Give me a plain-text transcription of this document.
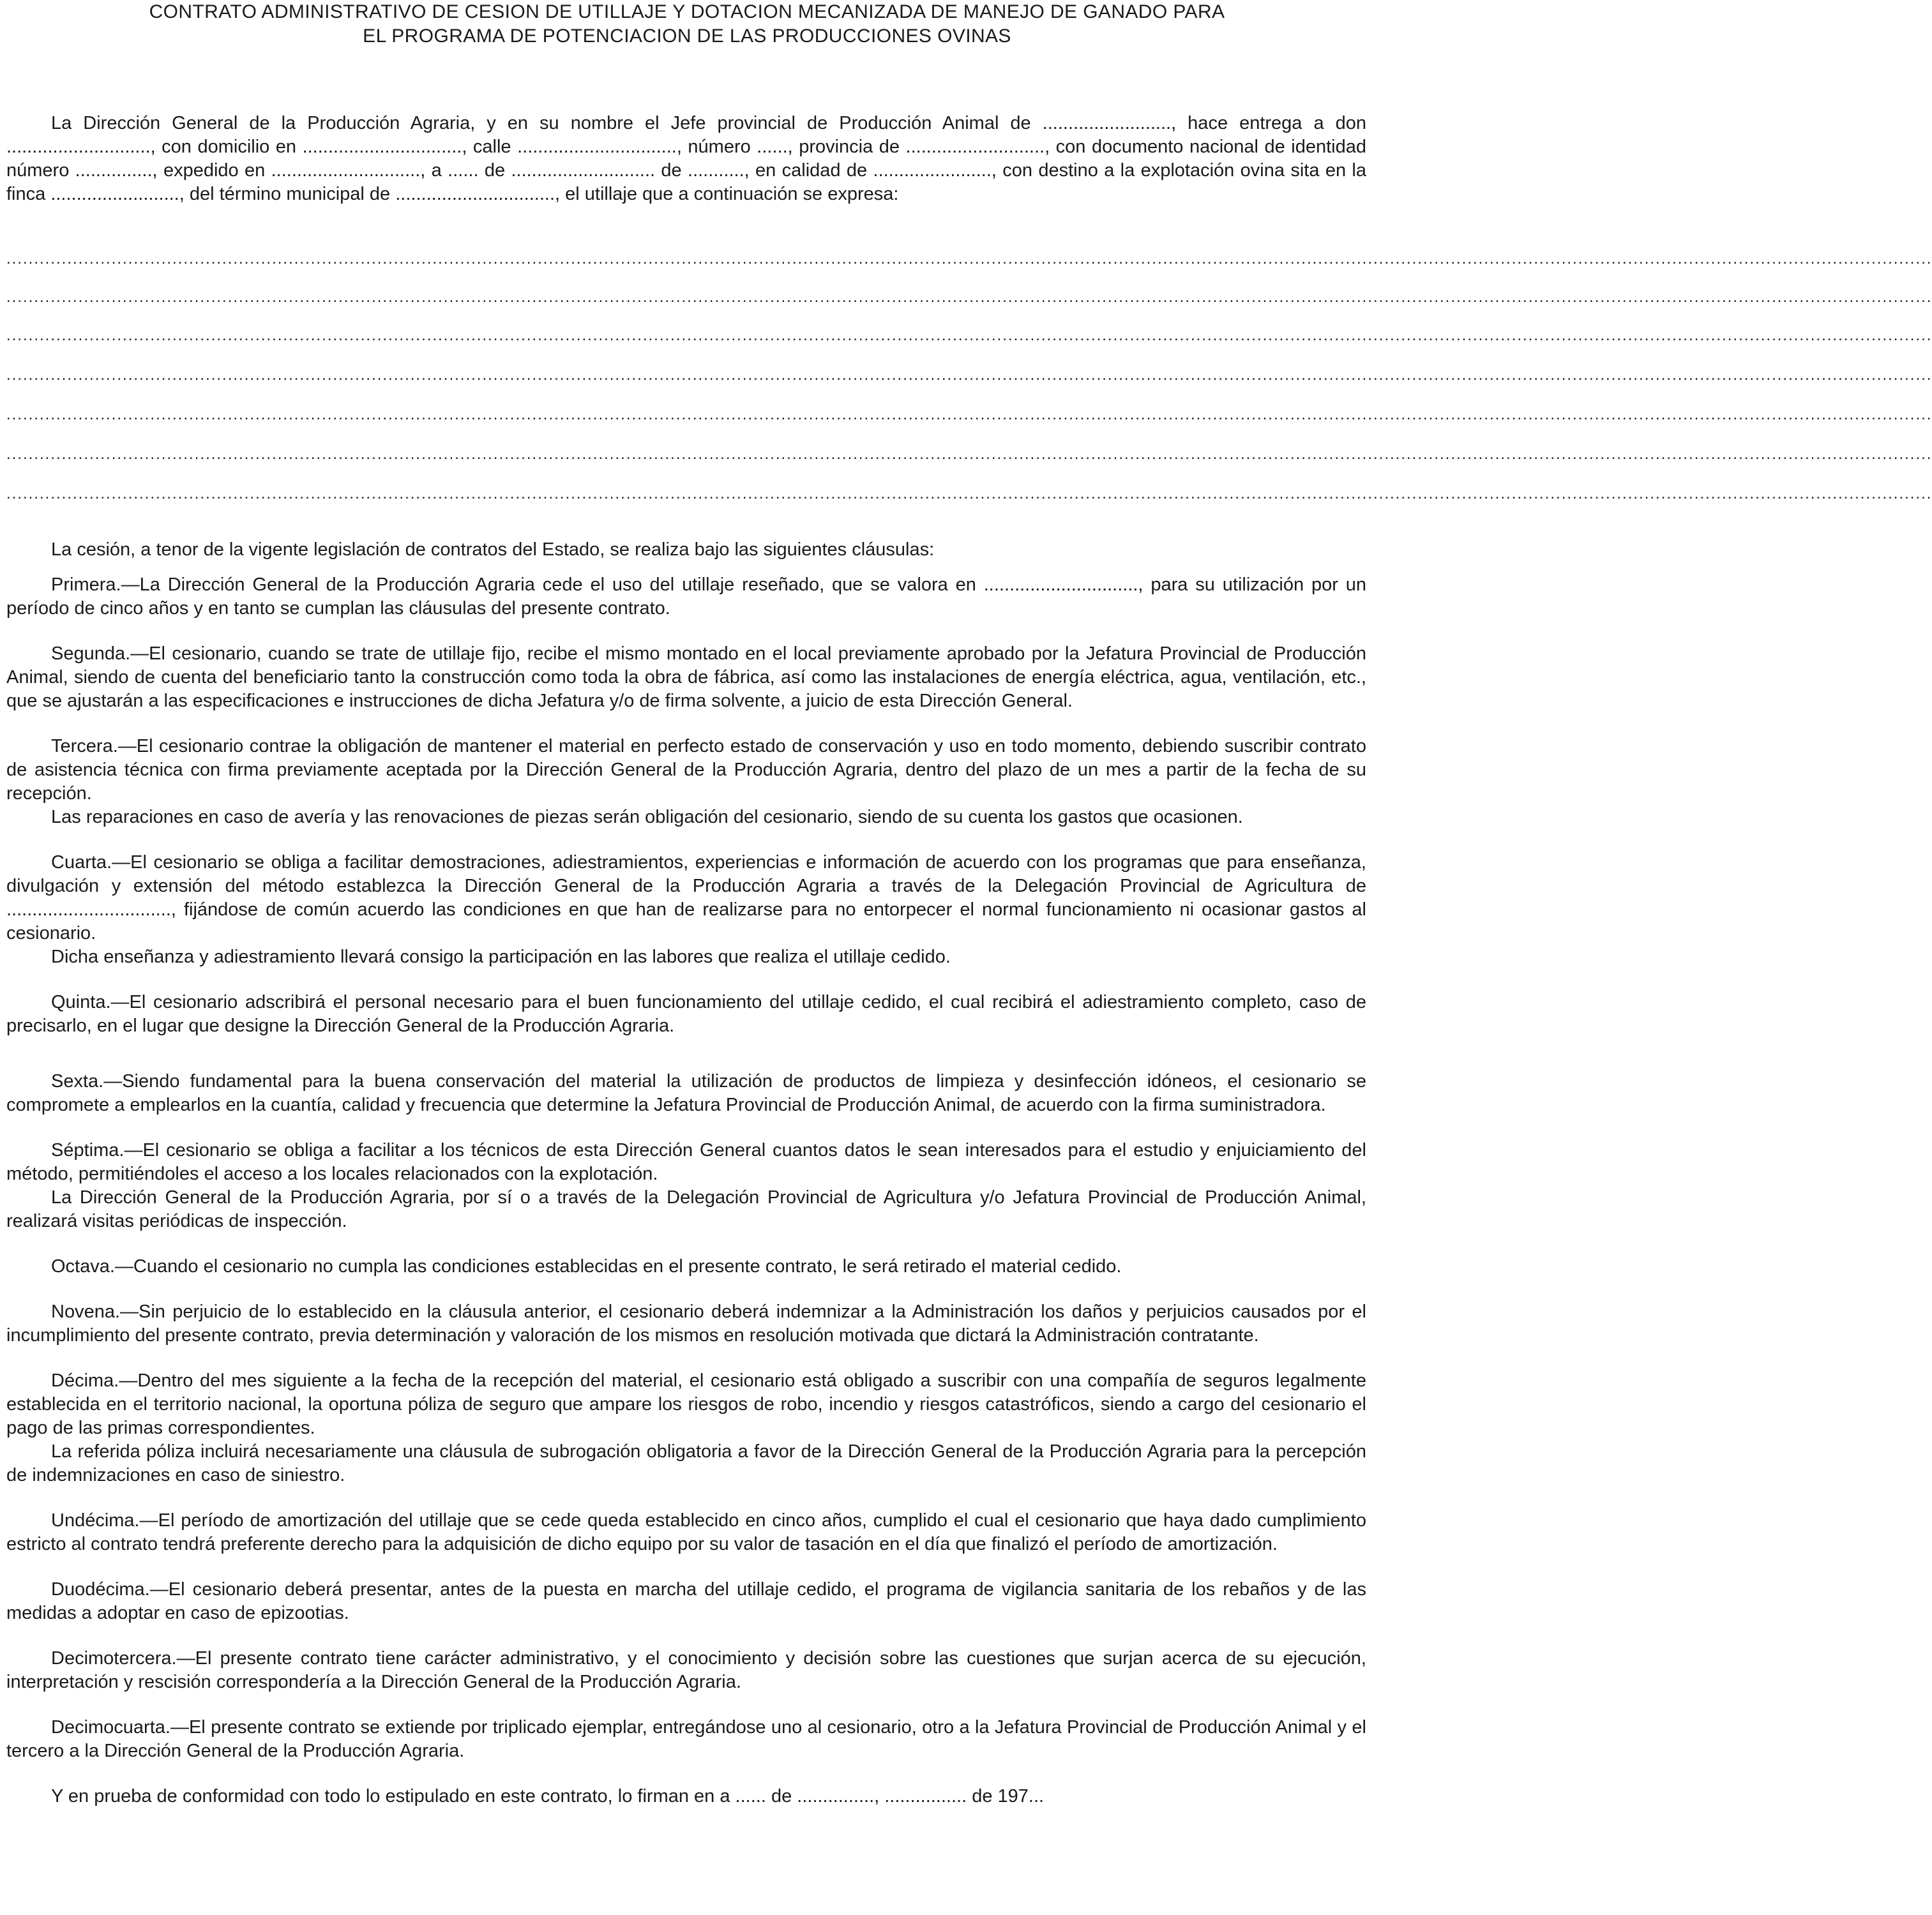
CONTRATO ADMINISTRATIVO DE CESION DE UTILLAJE Y DOTACION MECANIZADA DE MANEJO DE GANADO PARA
EL PROGRAMA DE POTENCIACION DE LAS PRODUCCIONES OVINAS

La Dirección General de la Producción Agraria, y en su nombre el Jefe provincial de Producción Animal de ........................., hace entrega a don ............................, con domicilio en ..............................., calle ..............................., número ......, provincia de ..........................., con documento nacional de identidad número ..............., expedido en ............................., a ...... de ............................ de ..........., en calidad de ......................., con destino a la explotación ovina sita en la finca ........................., del término municipal de ..............................., el utillaje que a continuación se expresa:

............................................................................................................................................................................................................................................................................................................................................................
............................................................................................................................................................................................................................................................................................................................................................
............................................................................................................................................................................................................................................................................................................................................................
............................................................................................................................................................................................................................................................................................................................................................
............................................................................................................................................................................................................................................................................................................................................................
............................................................................................................................................................................................................................................................................................................................................................
............................................................................................................................................................................................................................................................................................................................................................

La cesión, a tenor de la vigente legislación de contratos del Estado, se realiza bajo las siguientes cláusulas:

Primera.—La Dirección General de la Producción Agraria cede el uso del utillaje reseñado, que se valora en .............................., para su utilización por un período de cinco años y en tanto se cumplan las cláusulas del presente contrato.

Segunda.—El cesionario, cuando se trate de utillaje fijo, recibe el mismo montado en el local previamente aprobado por la Jefatura Provincial de Producción Animal, siendo de cuenta del beneficiario tanto la construcción como toda la obra de fábrica, así como las instalaciones de energía eléctrica, agua, ventilación, etc., que se ajustarán a las especificaciones e instrucciones de dicha Jefatura y/o de firma solvente, a juicio de esta Dirección General.

Tercera.—El cesionario contrae la obligación de mantener el material en perfecto estado de conservación y uso en todo momento, debiendo suscribir contrato de asistencia técnica con firma previamente aceptada por la Dirección General de la Producción Agraria, dentro del plazo de un mes a partir de la fecha de su recepción.

Las reparaciones en caso de avería y las renovaciones de piezas serán obligación del cesionario, siendo de su cuenta los gastos que ocasionen.

Cuarta.—El cesionario se obliga a facilitar demostraciones, adiestramientos, experiencias e información de acuerdo con los programas que para enseñanza, divulgación y extensión del método establezca la Dirección General de la Producción Agraria a través de la Delegación Provincial de Agricultura de ................................, fijándose de común acuerdo las condiciones en que han de realizarse para no entorpecer el normal funcionamiento ni ocasionar gastos al cesionario.

Dicha enseñanza y adiestramiento llevará consigo la participación en las labores que realiza el utillaje cedido.

Quinta.—El cesionario adscribirá el personal necesario para el buen funcionamiento del utillaje cedido, el cual recibirá el adiestramiento completo, caso de precisarlo, en el lugar que designe la Dirección General de la Producción Agraria.

Sexta.—Siendo fundamental para la buena conservación del material la utilización de productos de limpieza y desinfección idóneos, el cesionario se compromete a emplearlos en la cuantía, calidad y frecuencia que determine la Jefatura Provincial de Producción Animal, de acuerdo con la firma suministradora.

Séptima.—El cesionario se obliga a facilitar a los técnicos de esta Dirección General cuantos datos le sean interesados para el estudio y enjuiciamiento del método, permitiéndoles el acceso a los locales relacionados con la explotación.

La Dirección General de la Producción Agraria, por sí o a través de la Delegación Provincial de Agricultura y/o Jefatura Provincial de Producción Animal, realizará visitas periódicas de inspección.

Octava.—Cuando el cesionario no cumpla las condiciones establecidas en el presente contrato, le será retirado el material cedido.

Novena.—Sin perjuicio de lo establecido en la cláusula anterior, el cesionario deberá indemnizar a la Administración los daños y perjuicios causados por el incumplimiento del presente contrato, previa determinación y valoración de los mismos en resolución motivada que dictará la Administración contratante.

Décima.—Dentro del mes siguiente a la fecha de la recepción del material, el cesionario está obligado a suscribir con una compañía de seguros legalmente establecida en el territorio nacional, la oportuna póliza de seguro que ampare los riesgos de robo, incendio y riesgos catastróficos, siendo a cargo del cesionario el pago de las primas correspondientes.

La referida póliza incluirá necesariamente una cláusula de subrogación obligatoria a favor de la Dirección General de la Producción Agraria para la percepción de indemnizaciones en caso de siniestro.

Undécima.—El período de amortización del utillaje que se cede queda establecido en cinco años, cumplido el cual el cesionario que haya dado cumplimiento estricto al contrato tendrá preferente derecho para la adquisición de dicho equipo por su valor de tasación en el día que finalizó el período de amortización.

Duodécima.—El cesionario deberá presentar, antes de la puesta en marcha del utillaje cedido, el programa de vigilancia sanitaria de los rebaños y de las medidas a adoptar en caso de epizootias.

Decimotercera.—El presente contrato tiene carácter administrativo, y el conocimiento y decisión sobre las cuestiones que surjan acerca de su ejecución, interpretación y rescisión correspondería a la Dirección General de la Producción Agraria.

Decimocuarta.—El presente contrato se extiende por triplicado ejemplar, entregándose uno al cesionario, otro a la Jefatura Provincial de Producción Animal y el tercero a la Dirección General de la Producción Agraria.

Y en prueba de conformidad con todo lo estipulado en este contrato, lo firman en a ...... de ..............., ................ de 197...
